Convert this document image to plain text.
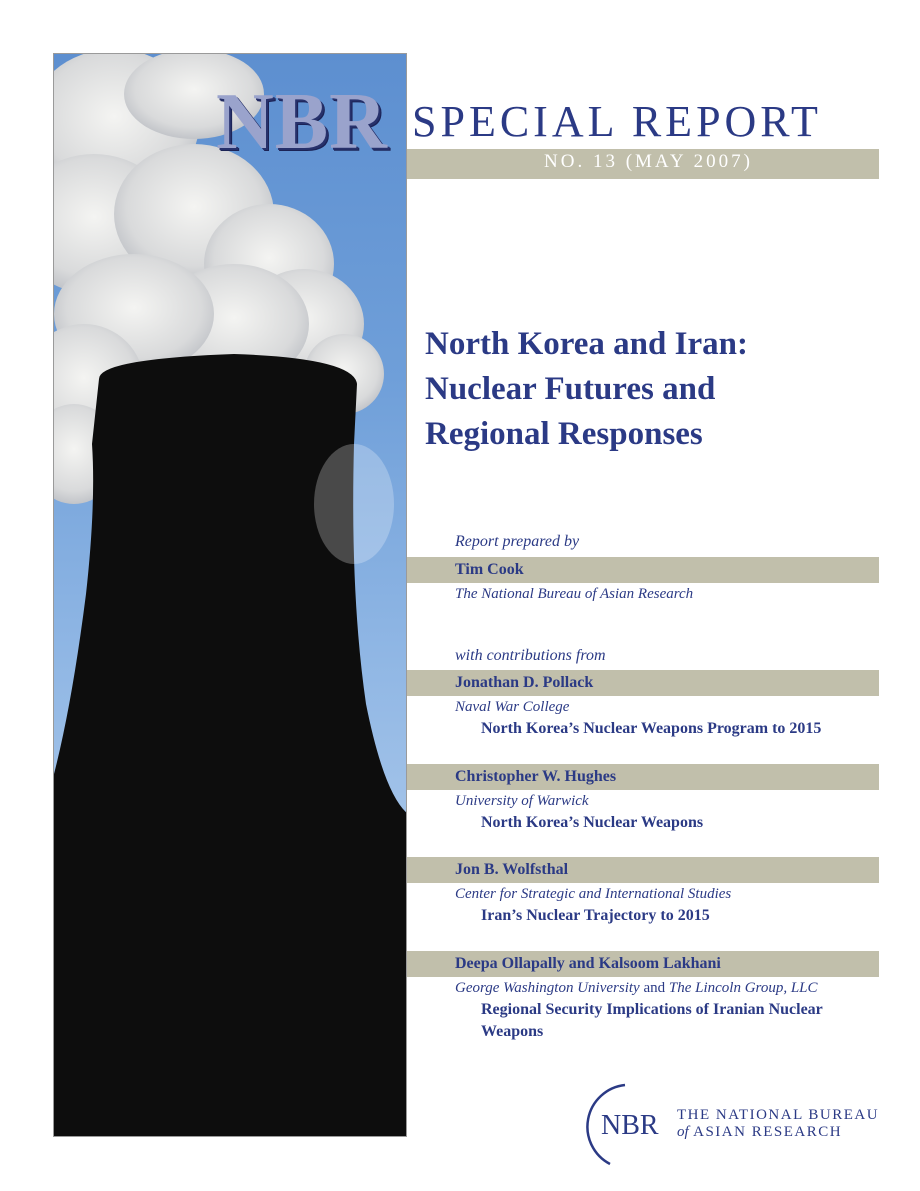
NBR SPECIAL REPORT
NO. 13 (MAY 2007)
North Korea and Iran:
Nuclear Futures and
Regional Responses
Report prepared by
Tim Cook
The National Bureau of Asian Research
with contributions from
Jonathan D. Pollack
Naval War College
North Korea’s Nuclear Weapons Program to 2015
Christopher W. Hughes
University of Warwick
North Korea’s Nuclear Weapons
Jon B. Wolfsthal
Center for Strategic and International Studies
Iran’s Nuclear Trajectory to 2015
Deepa Ollapally and Kalsoom Lakhani
George Washington University and The Lincoln Group, LLC
Regional Security Implications of Iranian Nuclear Weapons
NBR THE NATIONAL BUREAU
of ASIAN RESEARCH
